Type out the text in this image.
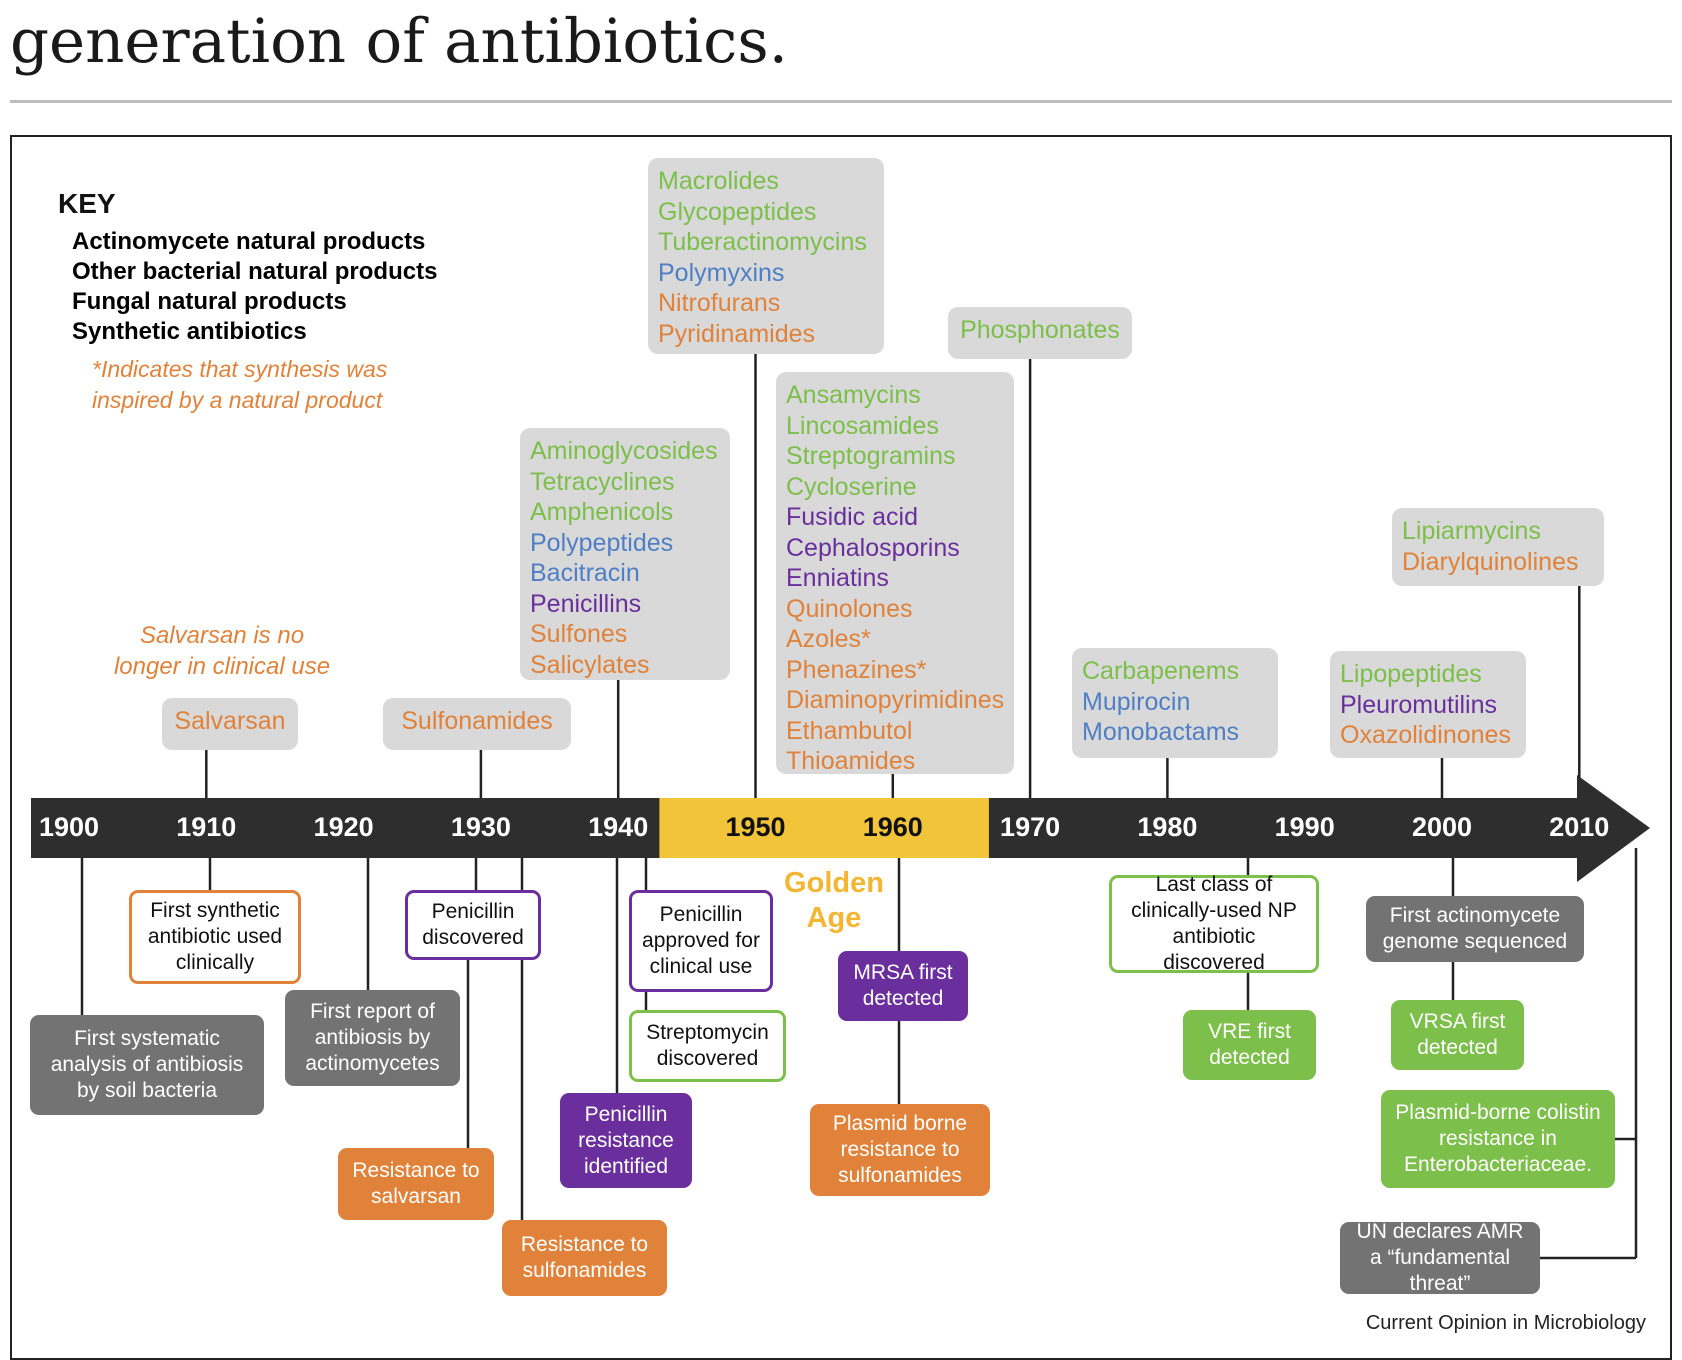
generation of antibiotics.
KEY
Actinomycete natural products
Other bacterial natural products
Fungal natural products
Synthetic antibiotics
*Indicates that synthesis was inspired by a natural product
Salvarsan is no
longer in clinical use
Salvarsan	Sulfonamides
Aminoglycosides
Tetracyclines
Amphenicols
Polypeptides
Bacitracin
Penicillins
Sulfones
Salicylates
Macrolides
Glycopeptides
Tuberactinomycins
Polymyxins
Nitrofurans
Pyridinamides
Ansamycins
Lincosamides
Streptogramins
Cycloserine
Fusidic acid
Cephalosporins
Enniatins
Quinolones
Azoles*
Phenazines*
Diaminopyrimidines
Ethambutol
Thioamides
Phosphonates
Carbapenems
Mupirocin
Monobactams
Lipopeptides
Pleuromutilins
Oxazolidinones
Lipiarmycins
Diarylquinolines
1900	1910	1920	1930	1940	1950	1960	1970	1980	1990	2000	2010
Golden
Age
First systematic analysis of antibiosis by soil bacteria
First synthetic antibiotic used clinically
First report of antibiosis by actinomycetes
Penicillin discovered
Resistance to salvarsan
Resistance to sulfonamides
Penicillin approved for clinical use
Streptomycin discovered
Penicillin resistance identified
MRSA first detected
Plasmid borne resistance to sulfonamides
Last class of clinically-used NP antibiotic discovered
VRE first detected
First actinomycete genome sequenced
VRSA first detected
Plasmid-borne colistin resistance in Enterobacteriaceae.
UN declares AMR a “fundamental threat”
Current Opinion in Microbiology
